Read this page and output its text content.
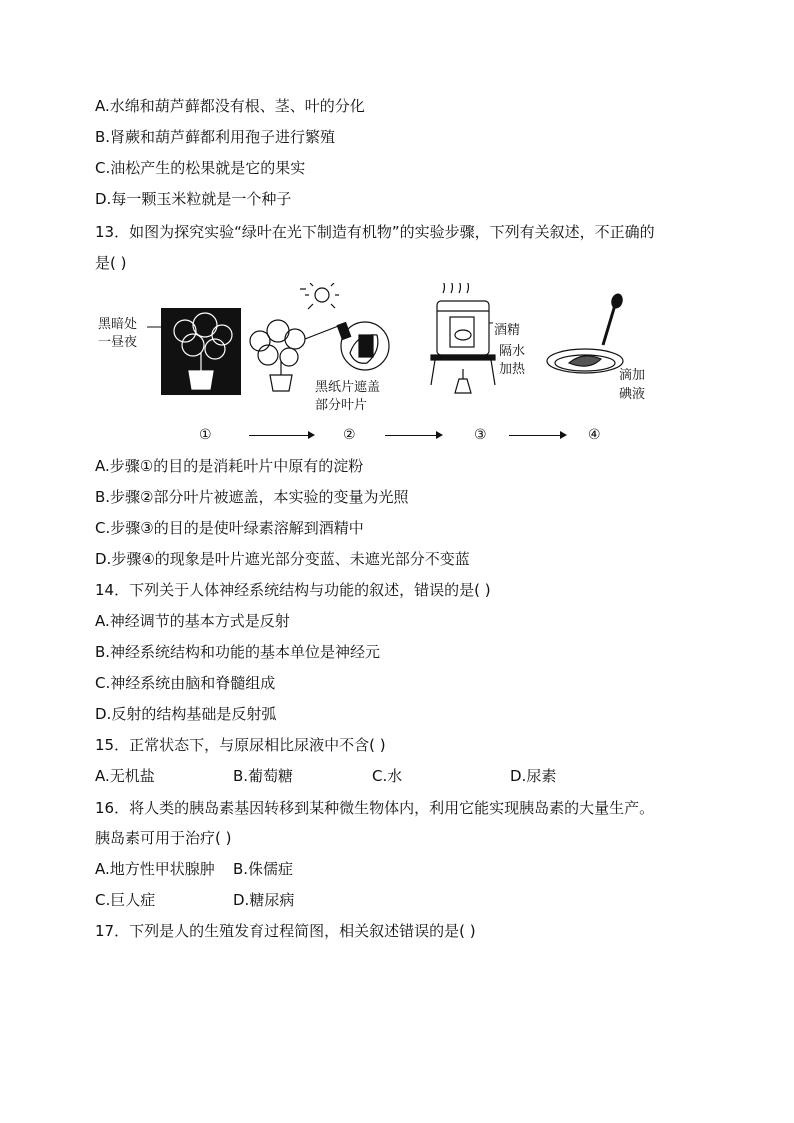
A.水绵和葫芦藓都没有根、茎、叶的分化
B.肾蕨和葫芦藓都利用孢子进行繁殖
C.油松产生的松果就是它的果实
D.每一颗玉米粒就是一个种子
13．如图为探究实验“绿叶在光下制造有机物”的实验步骤，下列有关叙述，不正确的
是( )
黑暗处
一昼夜
酒精
隔水
加热
黑纸片遮盖
部分叶片
滴加
碘液
①	②	③	④
A.步骤①的目的是消耗叶片中原有的淀粉
B.步骤②部分叶片被遮盖，本实验的变量为光照
C.步骤③的目的是使叶绿素溶解到酒精中
D.步骤④的现象是叶片遮光部分变蓝、未遮光部分不变蓝
14．下列关于人体神经系统结构与功能的叙述，错误的是( )
A.神经调节的基本方式是反射
B.神经系统结构和功能的基本单位是神经元
C.神经系统由脑和脊髓组成
D.反射的结构基础是反射弧
15．正常状态下，与原尿相比尿液中不含( )
A.无机盐	B.葡萄糖	C.水	D.尿素
16．将人类的胰岛素基因转移到某种微生物体内，利用它能实现胰岛素的大量生产。
胰岛素可用于治疗( )
A.地方性甲状腺肿 B.侏儒症
C.巨人症	D.糖尿病
17．下列是人的生殖发育过程简图，相关叙述错误的是( )
